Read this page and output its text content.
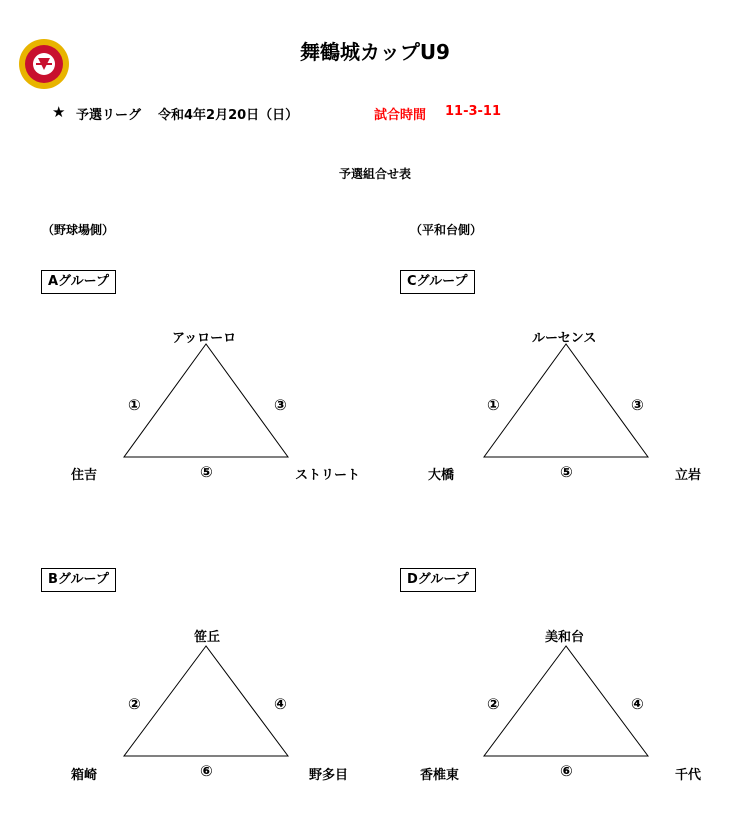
舞鶴城カップU9
★ 予選リーグ 令和4年2月20日（日）	試合時間 11-3-11
予選組合せ表
（野球場側）	（平和台側）
Aグループ
アッローロ
住吉	ストリート
①	③
⑤
Cグループ
ルーセンス
大橋	立岩
①	③
⑤
Bグループ
笹丘
箱崎	野多目
②	④
⑥
Dグループ
美和台
香椎東	千代
②	④
⑥
